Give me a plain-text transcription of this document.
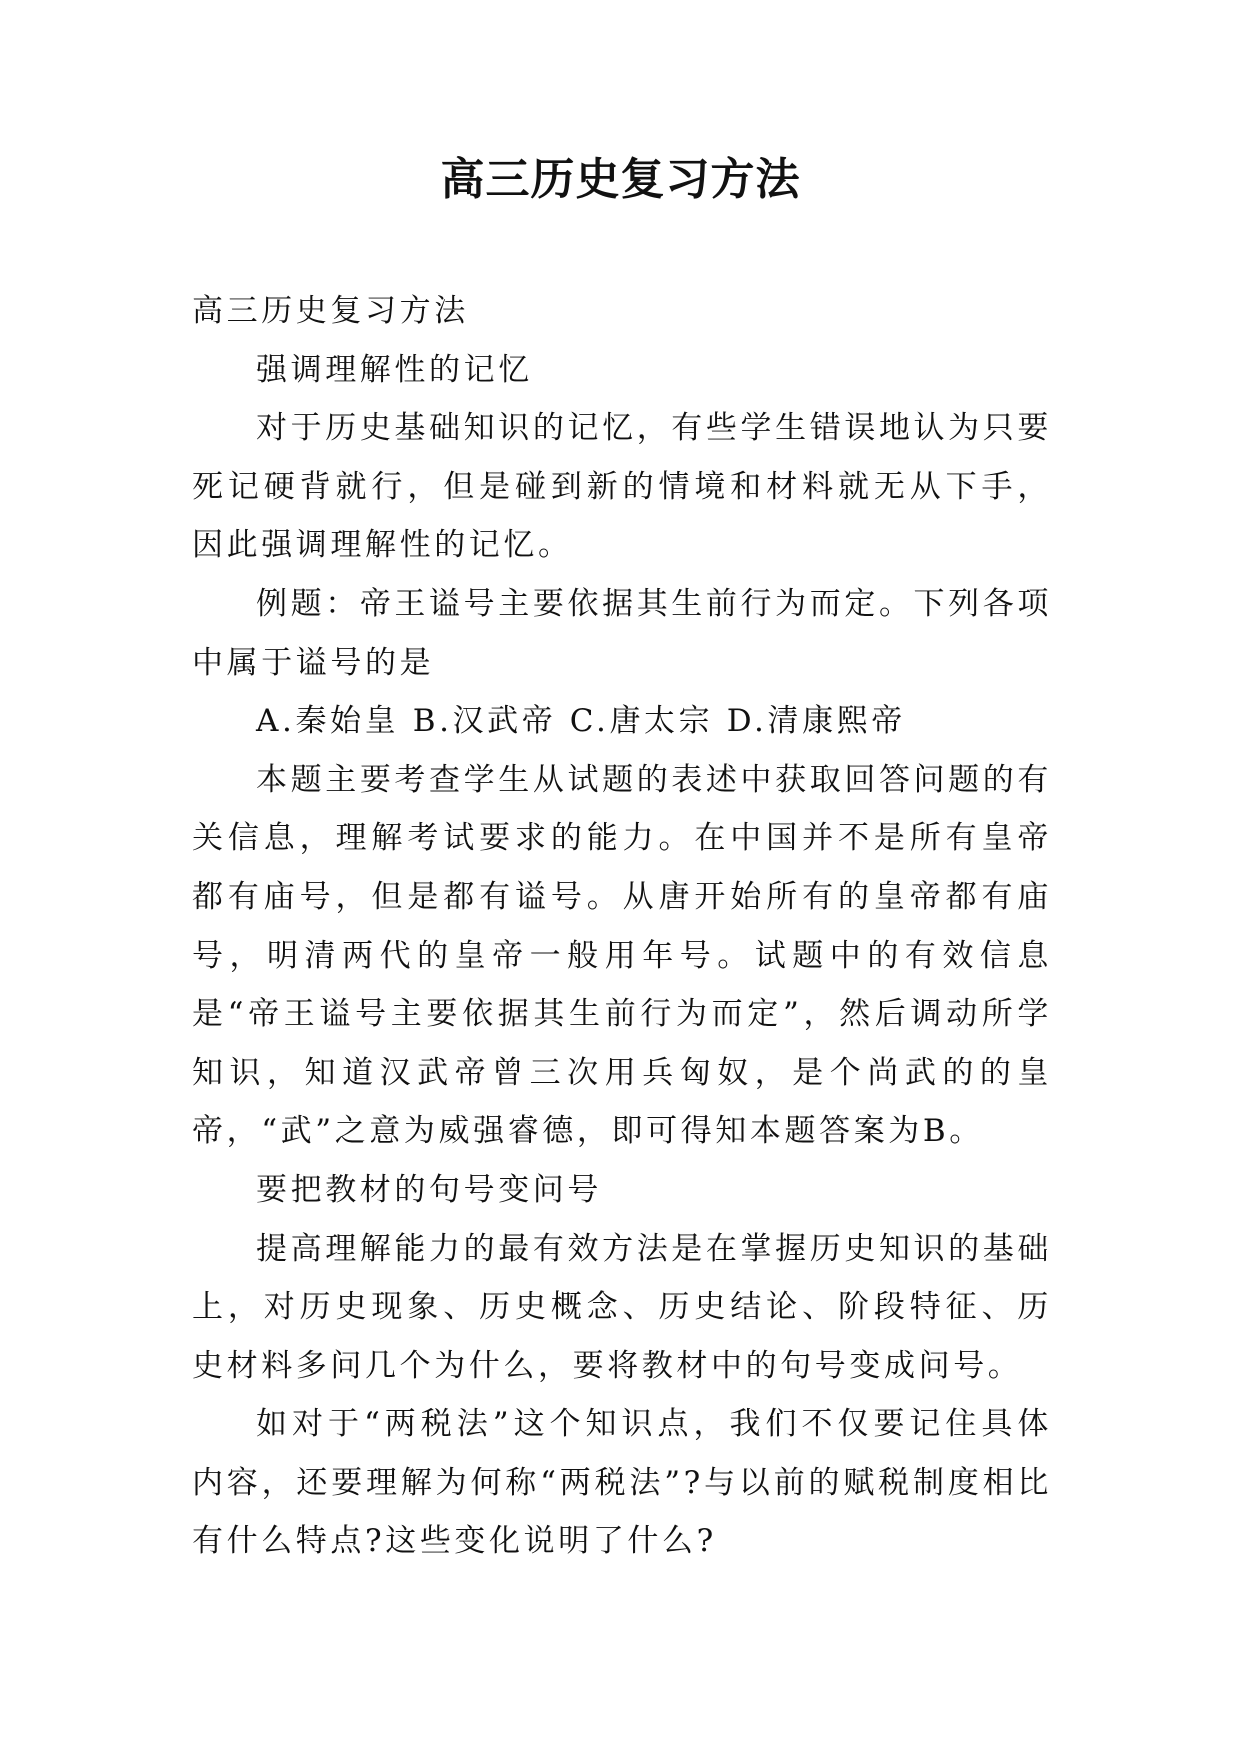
高三历史复习方法

高三历史复习方法

强调理解性的记忆

对于历史基础知识的记忆，有些学生错误地认为只要死记硬背就行，但是碰到新的情境和材料就无从下手，因此强调理解性的记忆。

例题：帝王谥号主要依据其生前行为而定。下列各项中属于谥号的是

A.秦始皇 B.汉武帝 C.唐太宗 D.清康熙帝

本题主要考查学生从试题的表述中获取回答问题的有关信息，理解考试要求的能力。在中国并不是所有皇帝都有庙号，但是都有谥号。从唐开始所有的皇帝都有庙号，明清两代的皇帝一般用年号。试题中的有效信息是“帝王谥号主要依据其生前行为而定”，然后调动所学知识，知道汉武帝曾三次用兵匈奴，是个尚武的的皇帝，“武”之意为威强睿德，即可得知本题答案为B。

要把教材的句号变问号

提高理解能力的最有效方法是在掌握历史知识的基础上，对历史现象、历史概念、历史结论、阶段特征、历史材料多问几个为什么，要将教材中的句号变成问号。

如对于“两税法”这个知识点，我们不仅要记住具体内容，还要理解为何称“两税法”?与以前的赋税制度相比有什么特点?这些变化说明了什么?
